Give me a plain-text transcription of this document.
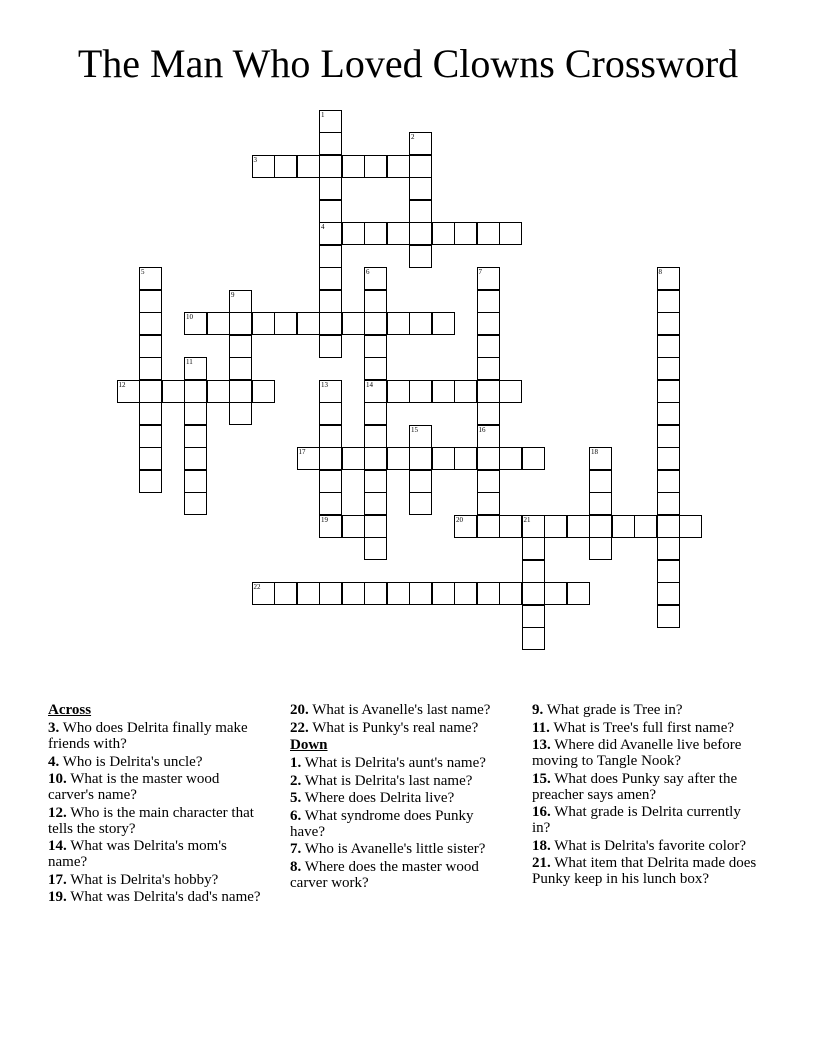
The Man Who Loved Clowns Crossword
1
4
2
3
5	6
14
7
16
8
9
10
11
12	13
19
15
17	18
20	21
22
Across
3. Who does Delrita finally make friends with?
4. Who is Delrita's uncle?
10. What is the master wood carver's name?
12. Who is the main character that tells the story?
14. What was Delrita's mom's name?
17. What is Delrita's hobby?
19. What was Delrita's dad's name?
20. What is Avanelle's last name?
22. What is Punky's real name?
Down
1. What is Delrita's aunt's name?
2. What is Delrita's last name?
5. Where does Delrita live?
6. What syndrome does Punky have?
7. Who is Avanelle's little sister?
8. Where does the master wood carver work?
9. What grade is Tree in?
11. What is Tree's full first name?
13. Where did Avanelle live before moving to Tangle Nook?
15. What does Punky say after the preacher says amen?
16. What grade is Delrita currently in?
18. What is Delrita's favorite color?
21. What item that Delrita made does Punky keep in his lunch box?
